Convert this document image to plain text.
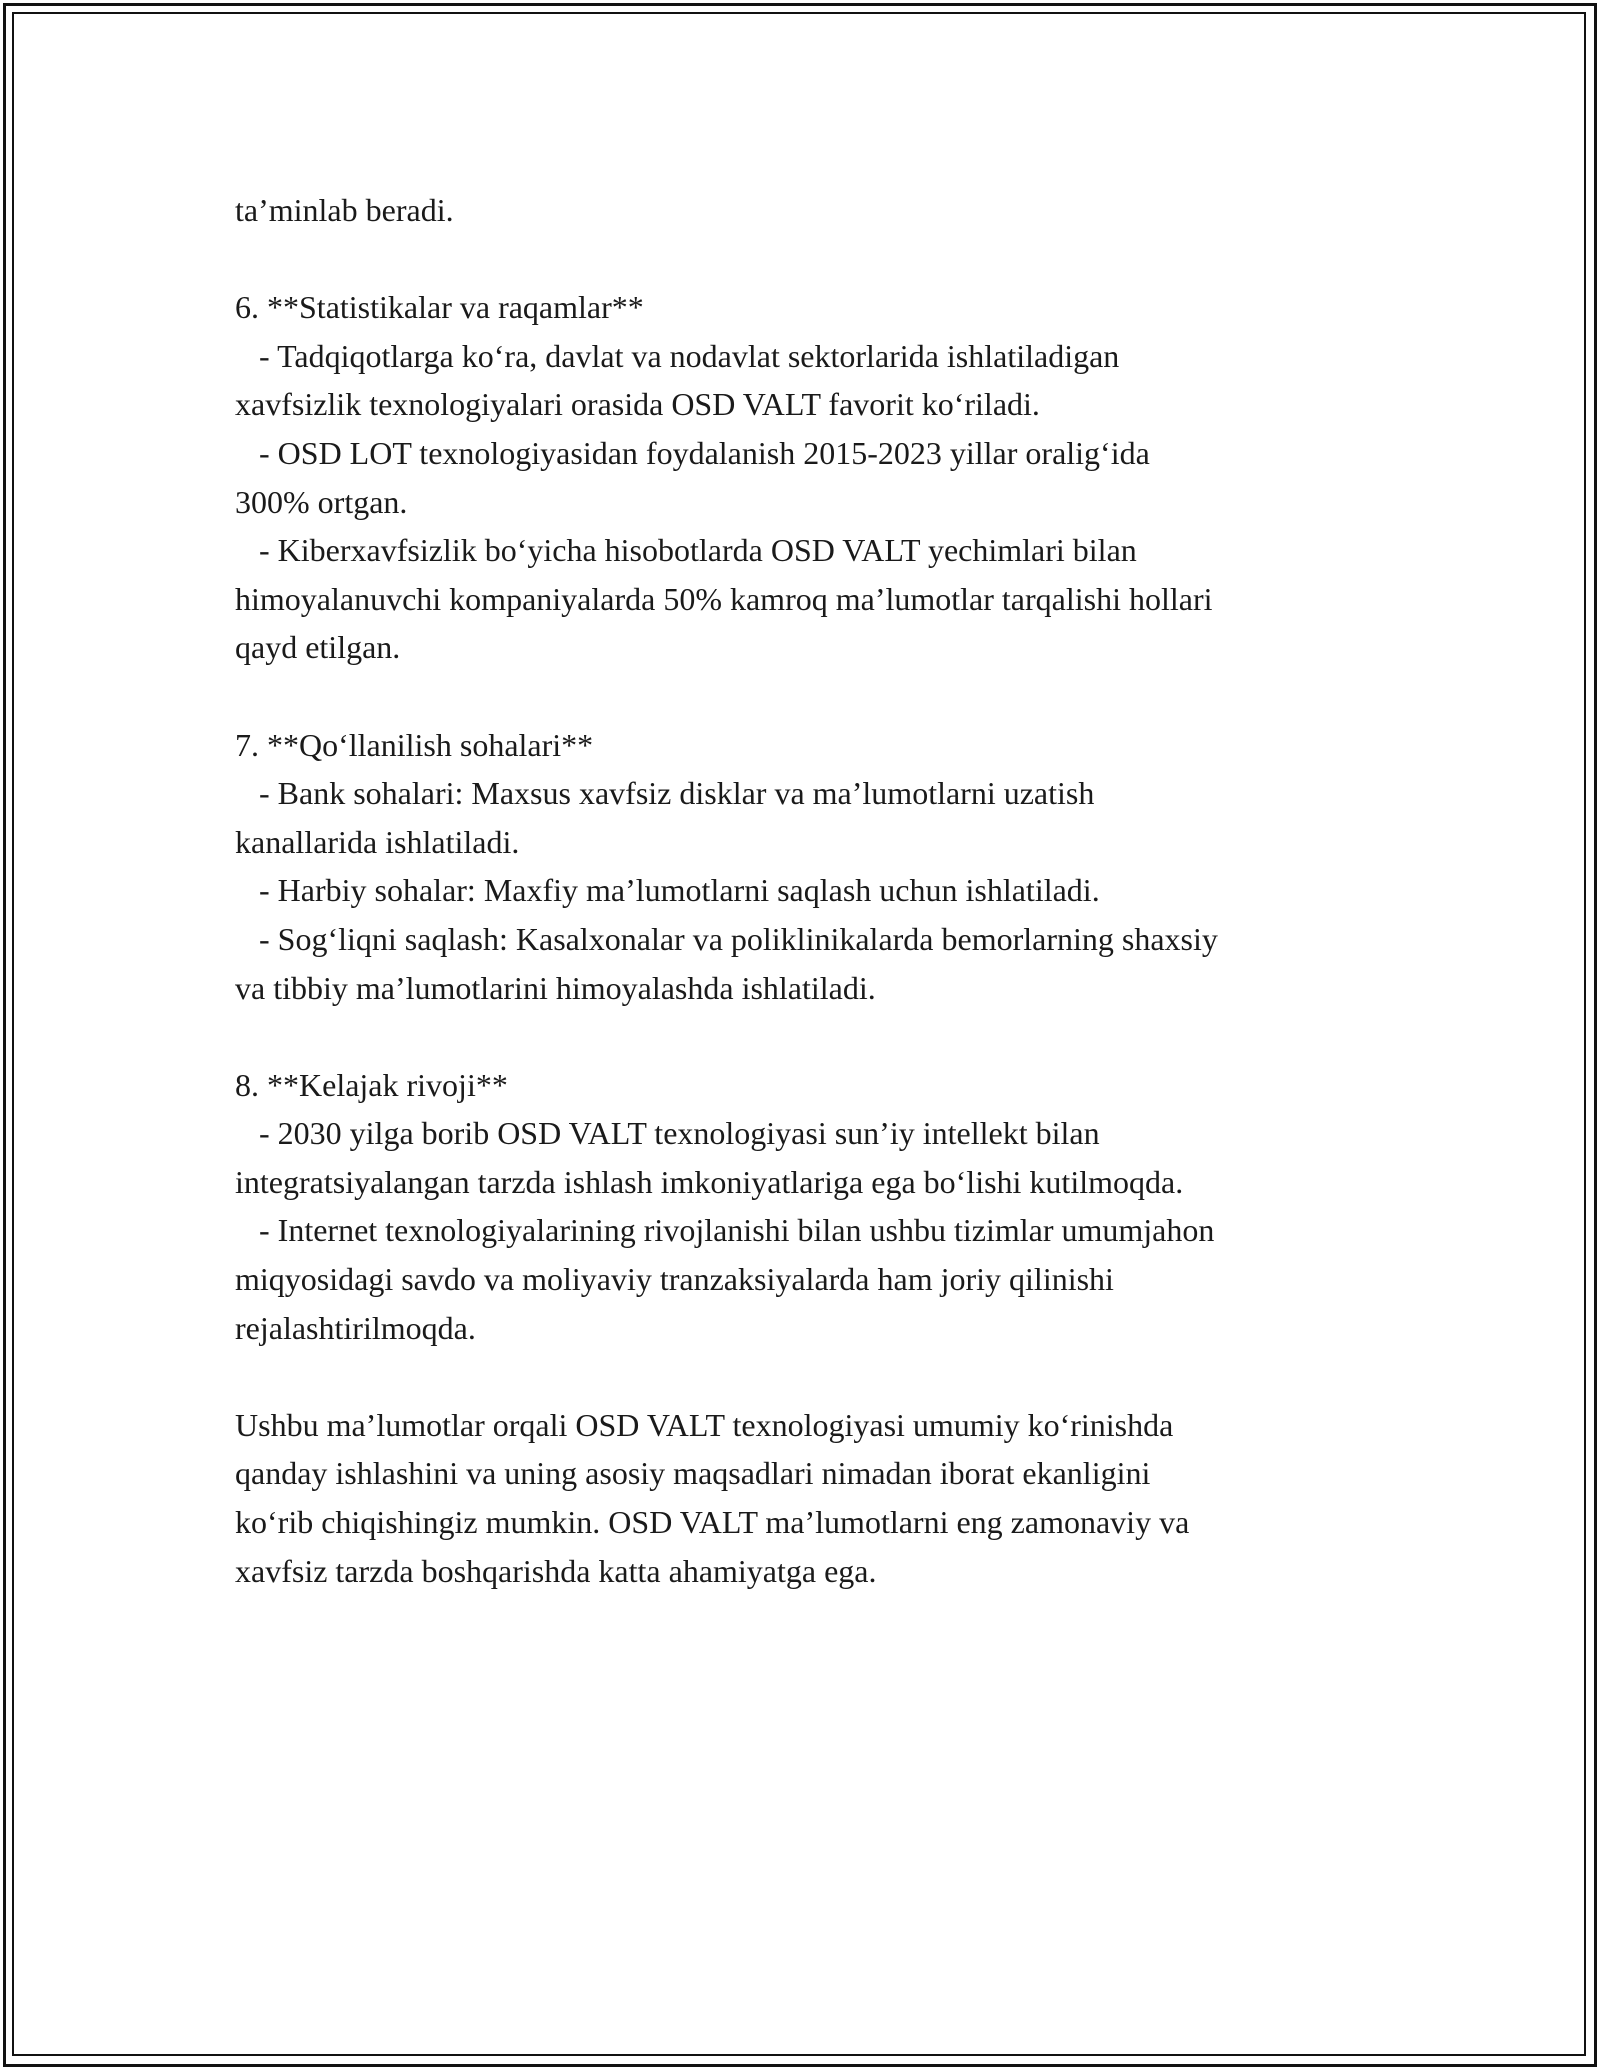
ta’minlab beradi.

6. **Statistikalar va raqamlar**

- Tadqiqotlarga ko‘ra, davlat va nodavlat sektorlarida ishlatiladigan

xavfsizlik texnologiyalari orasida OSD VALT favorit ko‘riladi.

- OSD LOT texnologiyasidan foydalanish 2015-2023 yillar oralig‘ida

300% ortgan.

- Kiberxavfsizlik bo‘yicha hisobotlarda OSD VALT yechimlari bilan

himoyalanuvchi kompaniyalarda 50% kamroq ma’lumotlar tarqalishi hollari

qayd etilgan.

7. **Qo‘llanilish sohalari**

- Bank sohalari: Maxsus xavfsiz disklar va ma’lumotlarni uzatish

kanallarida ishlatiladi.

- Harbiy sohalar: Maxfiy ma’lumotlarni saqlash uchun ishlatiladi.

- Sog‘liqni saqlash: Kasalxonalar va poliklinikalarda bemorlarning shaxsiy

va tibbiy ma’lumotlarini himoyalashda ishlatiladi.

8. **Kelajak rivoji**

- 2030 yilga borib OSD VALT texnologiyasi sun’iy intellekt bilan

integratsiyalangan tarzda ishlash imkoniyatlariga ega bo‘lishi kutilmoqda.

- Internet texnologiyalarining rivojlanishi bilan ushbu tizimlar umumjahon

miqyosidagi savdo va moliyaviy tranzaksiyalarda ham joriy qilinishi

rejalashtirilmoqda.

Ushbu ma’lumotlar orqali OSD VALT texnologiyasi umumiy ko‘rinishda

qanday ishlashini va uning asosiy maqsadlari nimadan iborat ekanligini

ko‘rib chiqishingiz mumkin. OSD VALT ma’lumotlarni eng zamonaviy va

xavfsiz tarzda boshqarishda katta ahamiyatga ega.
